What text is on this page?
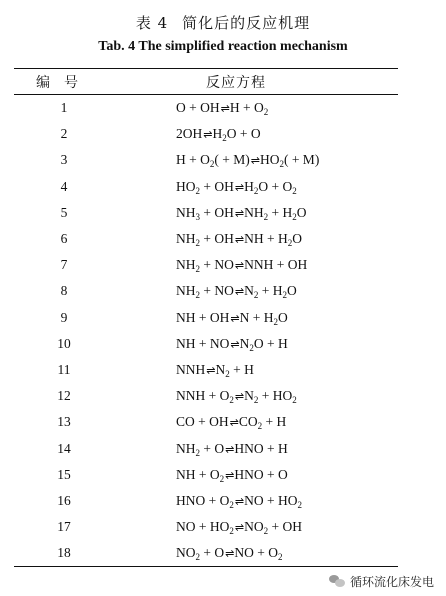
表 4 简化后的反应机理
Tab. 4 The simplified reaction mechanism
编号	反应方程
1	O + OH⇌H + $O_2$
2	$2OH\rightleftharpoons H_2O + O$
3	$H + O_2$( + $M)\rightleftharpoons HO_2( + M)$
4	$HO_2$ + $OH\rightleftharpoons H_2O + O_2$
5	$NH_3$ + $OH\rightleftharpoons NH_2 + H_2O$
6	$NH_2$ + OH⇌NH + $H_2O$
7	$NH_2$ + NO⇌NNH + OH
8	$NH_2$ + $NO\rightleftharpoons N_2 + H_2O$
9	NH + OH⇌N + $H_2O$
10	NH + $NO\rightleftharpoons N_2O + H$
11	$NNH\rightleftharpoons N_2 + H$
12	NNH + $O_2\rightleftharpoons N_2 + HO_2$
13	CO + $OH\rightleftharpoons CO_2 + H$
14	$NH_2$ + O⇌HNO + H
15	NH + $O_2\rightleftharpoons HNO + O$
16	HNO + $O_2\rightleftharpoons NO + HO_2$
17	NO + $HO_2\rightleftharpoons NO_2$ + OH
18	$NO_2$ + O⇌NO + $O_2$
循环流化床发电
